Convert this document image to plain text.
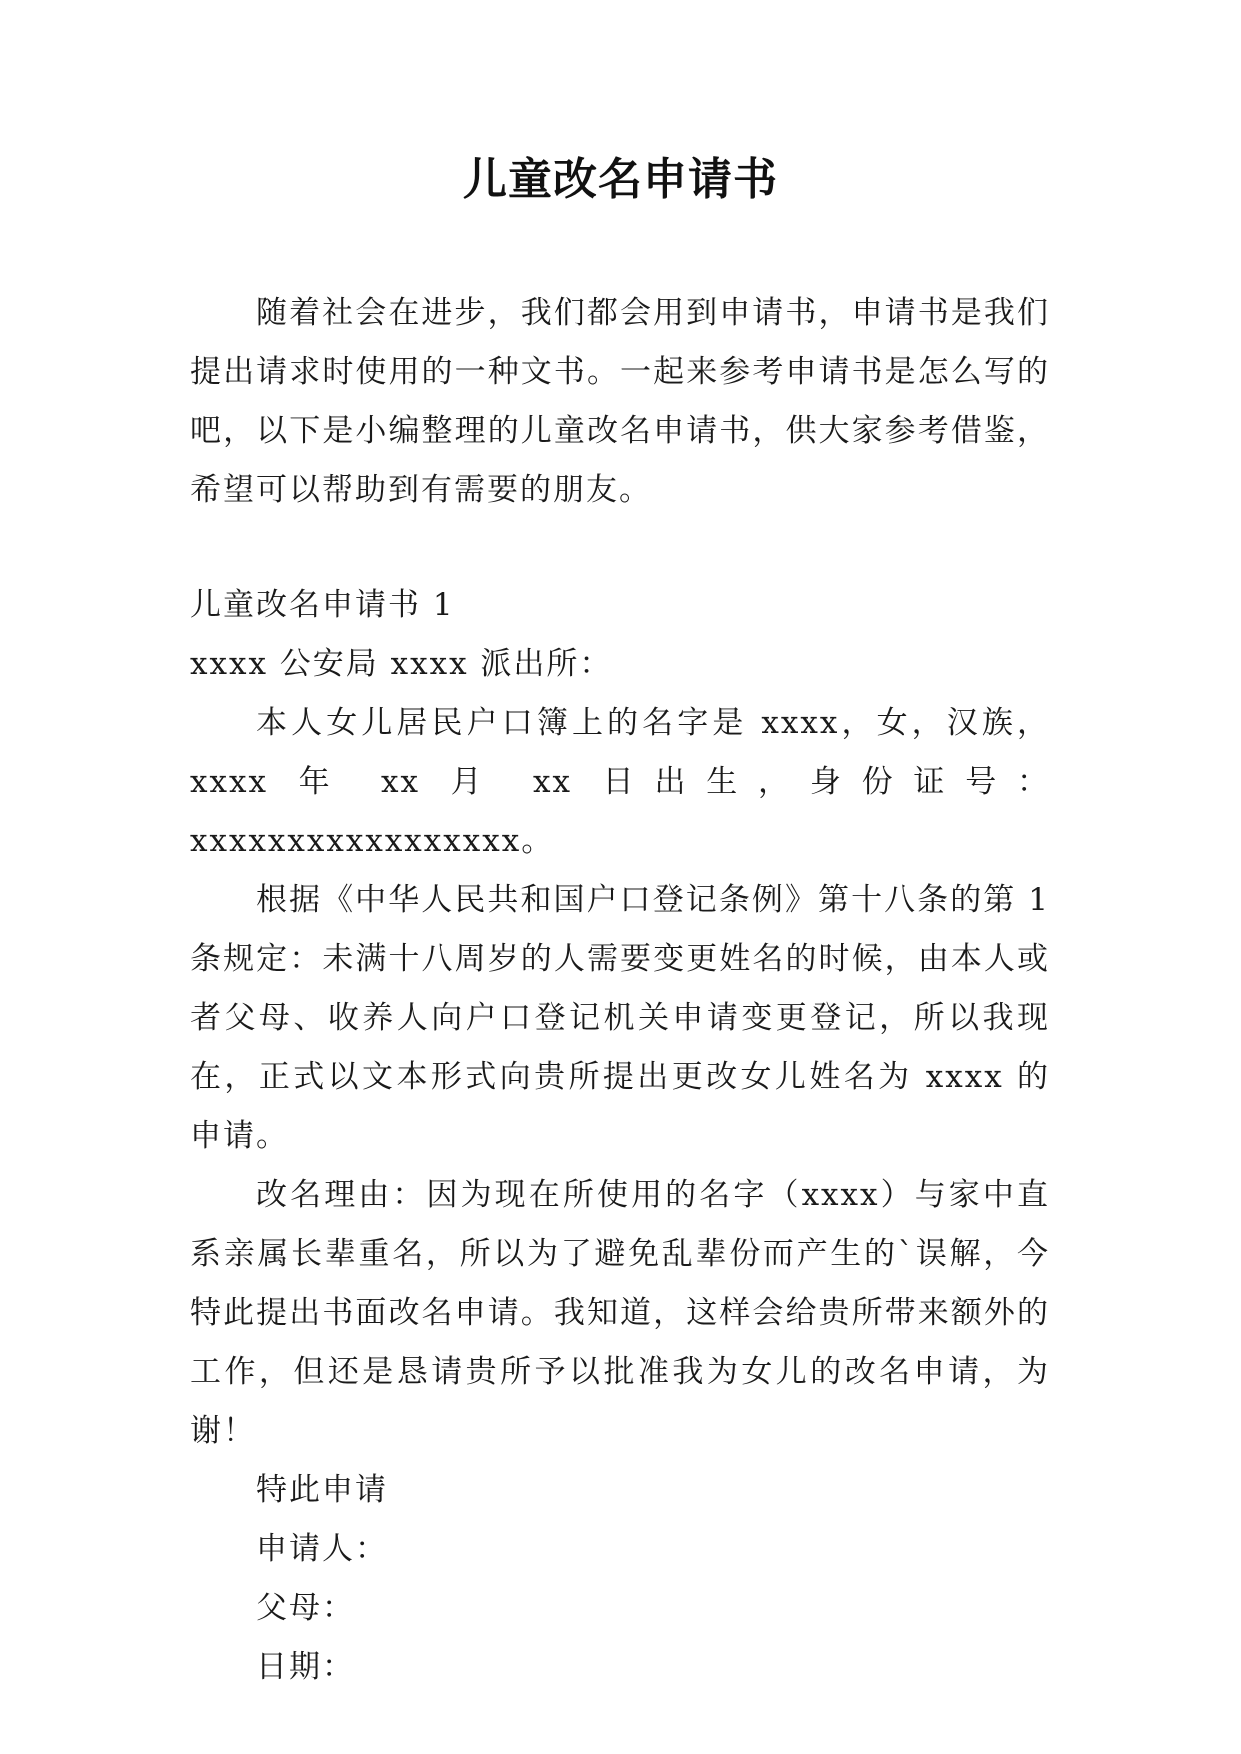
儿童改名申请书

随着社会在进步，我们都会用到申请书，申请书是我们提出请求时使用的一种文书。一起来参考申请书是怎么写的吧，以下是小编整理的儿童改名申请书，供大家参考借鉴，希望可以帮助到有需要的朋友。

儿童改名申请书 1

xxxx 公安局 xxxx 派出所：

本人女儿居民户口簿上的名字是 xxxx，女，汉族，xxxx 年 xx 月 xx 日出生，身份证号：xxxxxxxxxxxxxxxxx。

根据《中华人民共和国户口登记条例》第十八条的第 1 条规定：未满十八周岁的人需要变更姓名的时候，由本人或者父母、收养人向户口登记机关申请变更登记，所以我现在，正式以文本形式向贵所提出更改女儿姓名为 xxxx 的申请。

改名理由：因为现在所使用的名字（xxxx）与家中直系亲属长辈重名，所以为了避免乱辈份而产生的`误解，今特此提出书面改名申请。我知道，这样会给贵所带来额外的工作，但还是恳请贵所予以批准我为女儿的改名申请，为谢！

特此申请

申请人：

父母：

日期：
